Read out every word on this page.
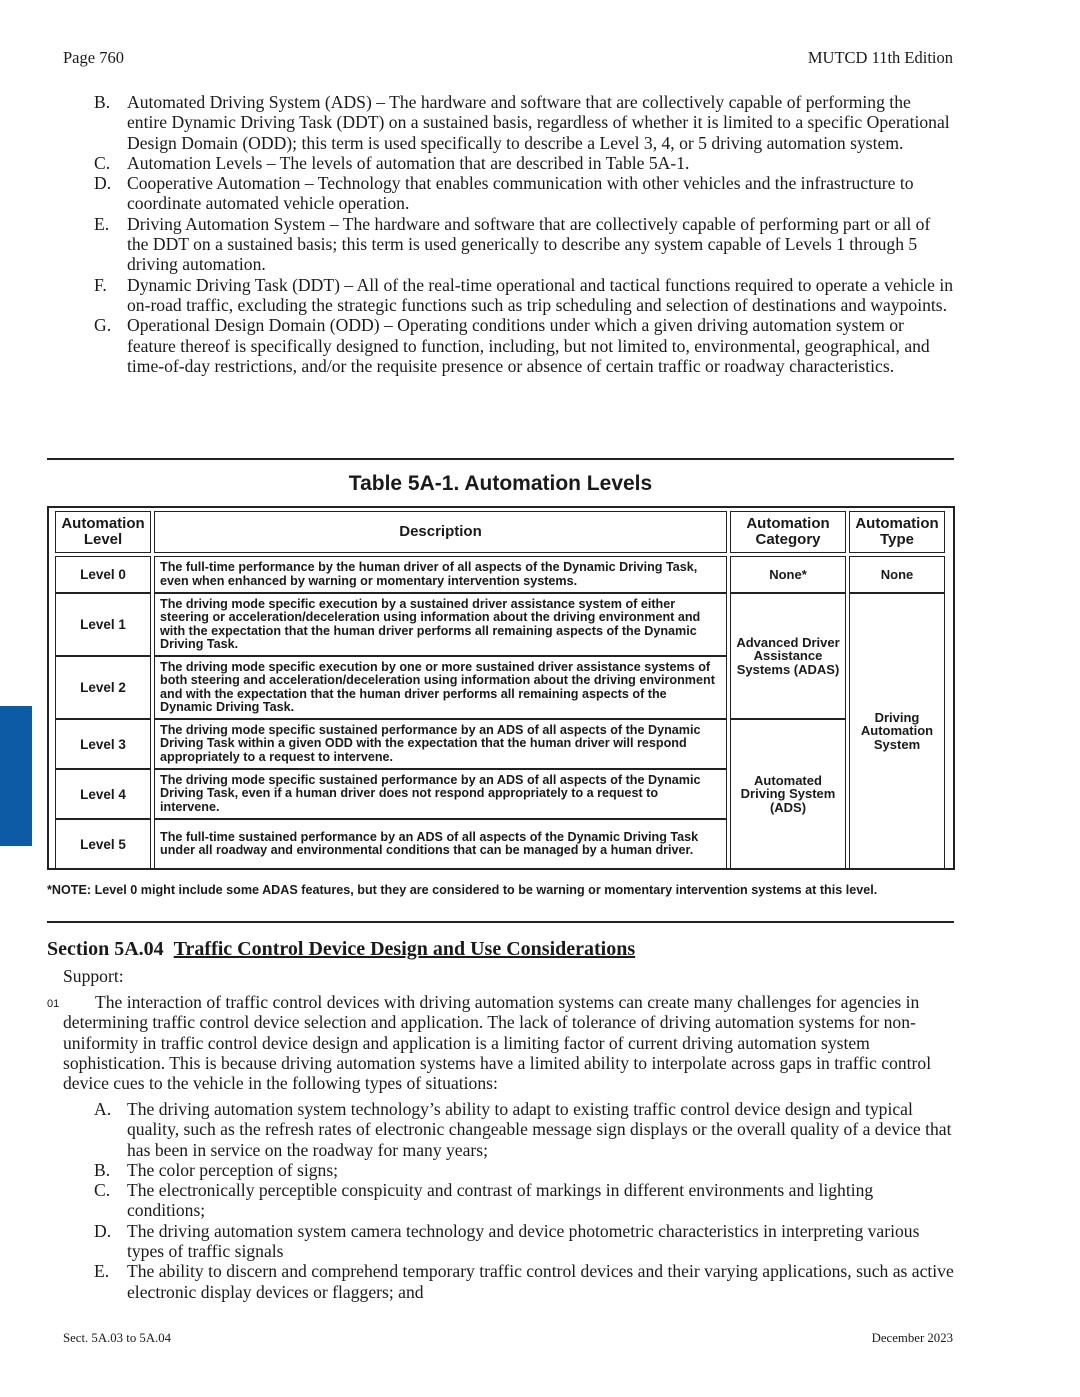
Page 760	MUTCD 11th Edition
B. Automated Driving System (ADS) – The hardware and software that are collectively capable of performing the entire Dynamic Driving Task (DDT) on a sustained basis, regardless of whether it is limited to a specific Operational Design Domain (ODD); this term is used specifically to describe a Level 3, 4, or 5 driving automation system.
C. Automation Levels – The levels of automation that are described in Table 5A-1.
D. Cooperative Automation – Technology that enables communication with other vehicles and the infrastructure to coordinate automated vehicle operation.
E.	Driving Automation System – The hardware and software that are collectively capable of performing part or all of the DDT on a sustained basis; this term is used generically to describe any system capable of Levels 1 through 5 driving automation.
F.	Dynamic Driving Task (DDT) – All of the real-time operational and tactical functions required to operate a vehicle in on-road traffic, excluding the strategic functions such as trip scheduling and selection of destinations and waypoints.
G. Operational Design Domain (ODD) – Operating conditions under which a given driving automation system or feature thereof is specifically designed to function, including, but not limited to, environmental, geographical, and time-of-day restrictions, and/or the requisite presence or absence of certain traffic or roadway characteristics.
Table 5A-1. Automation Levels
Automation Level	Description	Automation Category	Automation Type

Level 0	The full-time performance by the human driver of all aspects of the Dynamic Driving Task, even when enhanced by warning or momentary intervention systems.	None*	None
Level 1	The driving mode specific execution by a sustained driver assistance system of either steering or acceleration/deceleration using information about the driving environment and with the expectation that the human driver performs all remaining aspects of the Dynamic Driving Task.	Advanced Driver Assistance Systems (ADAS)	Driving Automation System
Level 2	The driving mode specific execution by one or more sustained driver assistance systems of both steering and acceleration/deceleration using information about the driving environment and with the expectation that the human driver performs all remaining aspects of the Dynamic Driving Task.		
Level 3	The driving mode specific sustained performance by an ADS of all aspects of the Dynamic Driving Task within a given ODD with the expectation that the human driver will respond appropriately to a request to intervene.	Automated Driving System (ADS)	
Level 4	The driving mode specific sustained performance by an ADS of all aspects of the Dynamic Driving Task, even if a human driver does not respond appropriately to a request to intervene.		
Level 5	The full-time sustained performance by an ADS of all aspects of the Dynamic Driving Task under all roadway and environmental conditions that can be managed by a human driver.		
*NOTE: Level 0 might include some ADAS features, but they are considered to be warning or momentary intervention systems at this level.
Section 5A.04 Traffic Control Device Design and Use Considerations
Support:
01	The interaction of traffic control devices with driving automation systems can create many challenges for agencies in determining traffic control device selection and application. The lack of tolerance of driving automation systems for non-uniformity in traffic control device design and application is a limiting factor of current driving automation system sophistication. This is because driving automation systems have a limited ability to interpolate across gaps in traffic control device cues to the vehicle in the following types of situations:
A. The driving automation system technology’s ability to adapt to existing traffic control device design and typical quality, such as the refresh rates of electronic changeable message sign displays or the overall quality of a device that has been in service on the roadway for many years;
B. The color perception of signs;
C. The electronically perceptible conspicuity and contrast of markings in different environments and lighting conditions;
D. The driving automation system camera technology and device photometric characteristics in interpreting various types of traffic signals
E.	The ability to discern and comprehend temporary traffic control devices and their varying applications, such as active electronic display devices or flaggers; and
Sect. 5A.03 to 5A.04	December 2023
